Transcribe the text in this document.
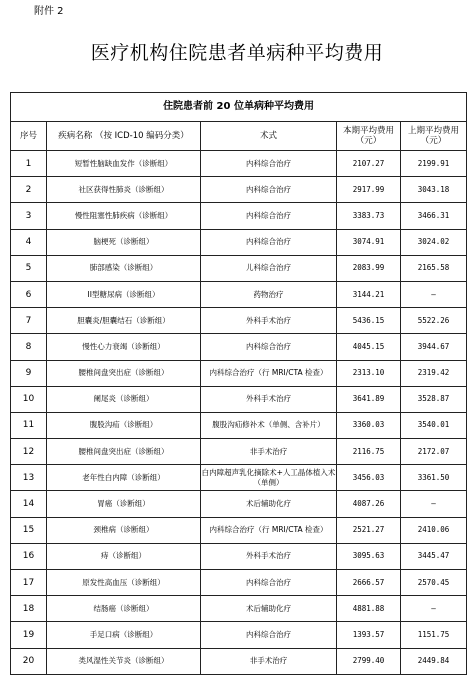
附件 2
医疗机构住院患者单病种平均费用
住院患者前 20 位单病种平均费用				
序号	疾病名称 （按 ICD-10 编码分类）	术式	本期平均费用（元）	上期平均费用（元）
1	短暂性脑缺血发作（诊断组）	内科综合治疗	2107.27	2199.91
2	社区获得性肺炎（诊断组）	内科综合治疗	2917.99	3043.18
3	慢性阻塞性肺疾病（诊断组）	内科综合治疗	3383.73	3466.31
4	脑梗死（诊断组）	内科综合治疗	3074.91	3024.02
5	肺部感染（诊断组）	儿科综合治疗	2083.99	2165.58
6	II型糖尿病（诊断组）	药物治疗	3144.21	—
7	胆囊炎/胆囊结石（诊断组）	外科手术治疗	5436.15	5522.26
8	慢性心力衰竭（诊断组）	内科综合治疗	4045.15	3944.67
9	腰椎间盘突出症（诊断组）	内科综合治疗（行 MRI/CTA 检查）	2313.10	2319.42
10	阑尾炎（诊断组）	外科手术治疗	3641.89	3528.87
11	腹股沟疝（诊断组）	腹股沟疝修补术（单侧、含补片）	3360.03	3540.01
12	腰椎间盘突出症（诊断组）	非手术治疗	2116.75	2172.07
13	老年性白内障（诊断组）	白内障超声乳化摘除术+人工晶体植入术（单侧）	3456.03	3361.50
14	胃癌（诊断组）	术后辅助化疗	4087.26	—
15	颈椎病（诊断组）	内科综合治疗（行 MRI/CTA 检查）	2521.27	2410.06
16	痔（诊断组）	外科手术治疗	3095.63	3445.47
17	原发性高血压（诊断组）	内科综合治疗	2666.57	2570.45
18	结肠癌（诊断组）	术后辅助化疗	4881.88	—
19	手足口病（诊断组）	内科综合治疗	1393.57	1151.75
20	类风湿性关节炎（诊断组）	非手术治疗	2799.40	2449.84
